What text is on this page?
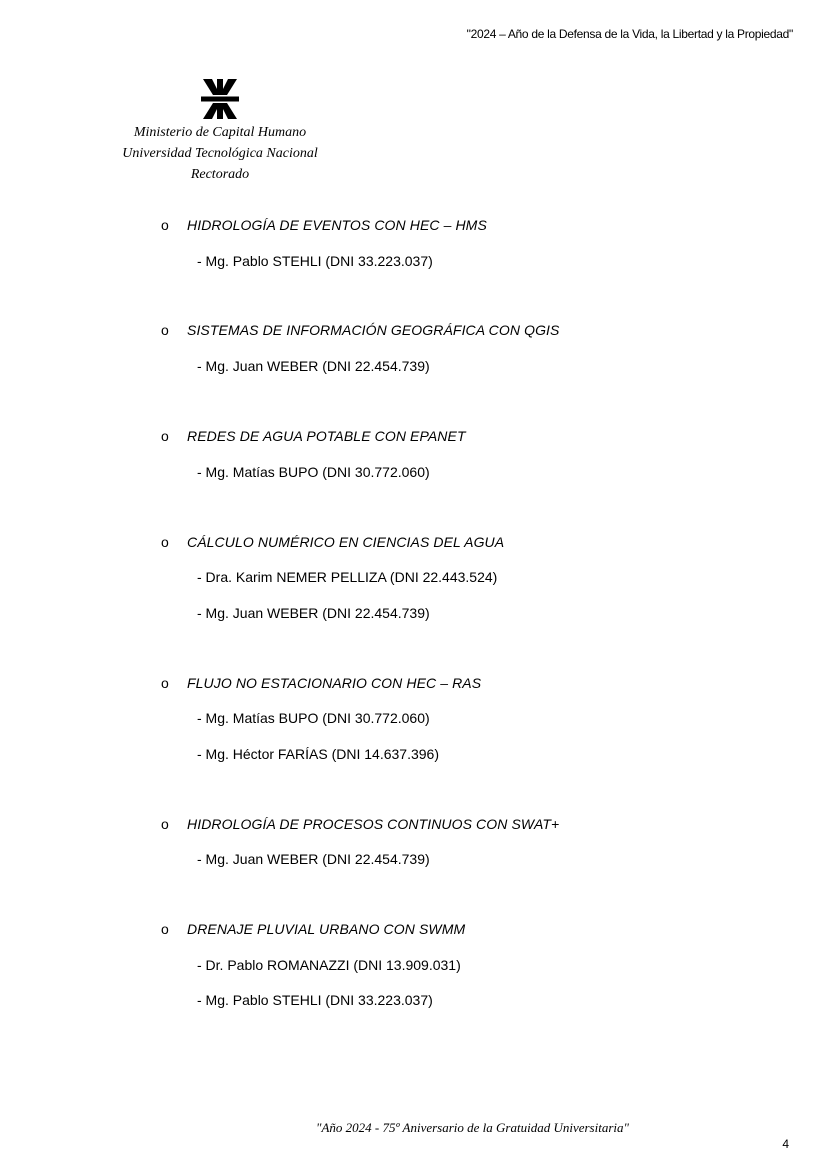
"2024 – Año de la Defensa de la Vida, la Libertad y la Propiedad"
Ministerio de Capital Humano
Universidad Tecnológica Nacional
Rectorado
o HIDROLOGÍA DE EVENTOS CON HEC – HMS
- Mg. Pablo STEHLI (DNI 33.223.037)
o SISTEMAS DE INFORMACIÓN GEOGRÁFICA CON QGIS
- Mg. Juan WEBER (DNI 22.454.739)
o REDES DE AGUA POTABLE CON EPANET
- Mg. Matías BUPO (DNI 30.772.060)
o CÁLCULO NUMÉRICO EN CIENCIAS DEL AGUA
- Dra. Karim NEMER PELLIZA (DNI 22.443.524)
- Mg. Juan WEBER (DNI 22.454.739)
o FLUJO NO ESTACIONARIO CON HEC – RAS
- Mg. Matías BUPO (DNI 30.772.060)
- Mg. Héctor FARÍAS (DNI 14.637.396)
o HIDROLOGÍA DE PROCESOS CONTINUOS CON SWAT+
- Mg. Juan WEBER (DNI 22.454.739)
o DRENAJE PLUVIAL URBANO CON SWMM
- Dr. Pablo ROMANAZZI (DNI 13.909.031)
- Mg. Pablo STEHLI (DNI 33.223.037)
"Año 2024 - 75º Aniversario de la Gratuidad Universitaria"
4
